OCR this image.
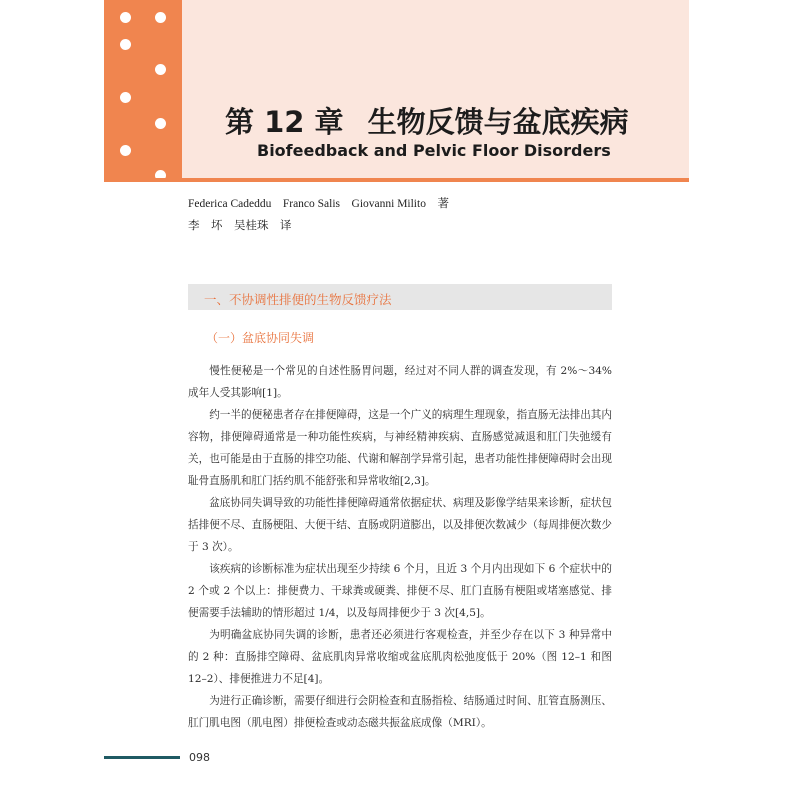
第 12 章 生物反馈与盆底疾病
Biofeedback and Pelvic Floor Disorders
Federica Cadeddu　Franco Salis　Giovanni Milito　著
李　坏　吴桂珠　译
一、不协调性排便的生物反馈疗法
（一）盆底协同失调

慢性便秘是一个常见的自述性肠胃问题，经过对不同人群的调查发现，有 2%～34% 成年人受其影响[1]。

约一半的便秘患者存在排便障碍，这是一个广义的病理生理现象，指直肠无法排出其内容物，排便障碍通常是一种功能性疾病，与神经精神疾病、直肠感觉减退和肛门失弛缓有关，也可能是由于直肠的排空功能、代谢和解剖学异常引起，患者功能性排便障碍时会出现耻骨直肠肌和肛门括约肌不能舒张和异常收缩[2,3]。

盆底协同失调导致的功能性排便障碍通常依据症状、病理及影像学结果来诊断，症状包括排便不尽、直肠梗阻、大便干结、直肠或阴道膨出，以及排便次数减少（每周排便次数少于 3 次）。

该疾病的诊断标准为症状出现至少持续 6 个月，且近 3 个月内出现如下 6 个症状中的 2 个或 2 个以上：排便费力、干球粪或硬粪、排便不尽、肛门直肠有梗阻或堵塞感觉、排便需要手法辅助的情形超过 1/4，以及每周排便少于 3 次[4,5]。

为明确盆底协同失调的诊断，患者还必须进行客观检查，并至少存在以下 3 种异常中的 2 种：直肠排空障碍、盆底肌肉异常收缩或盆底肌肉松弛度低于 20%（图 12–1 和图 12–2）、排便推进力不足[4]。

为进行正确诊断，需要仔细进行会阴检查和直肠指检、结肠通过时间、肛管直肠测压、肛门肌电图（肌电图）排便检查或动态磁共振盆底成像（MRI）。

098
